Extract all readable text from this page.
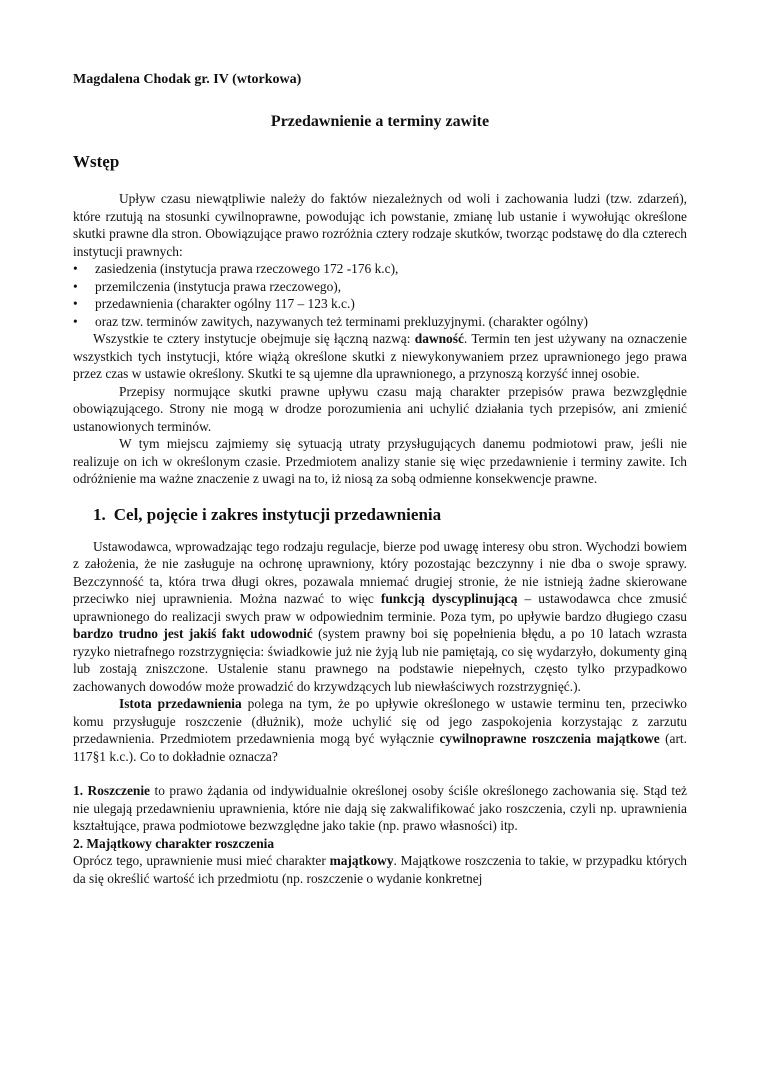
Magdalena Chodak gr. IV (wtorkowa)
Przedawnienie a terminy zawite
Wstęp

Upływ czasu niewątpliwie należy do faktów niezależnych od woli i zachowania ludzi (tzw. zdarzeń), które rzutują na stosunki cywilnoprawne, powodując ich powstanie, zmianę lub ustanie i wywołując określone skutki prawne dla stron. Obowiązujące prawo rozróżnia cztery rodzaje skutków, tworząc podstawę do dla czterech instytucji prawnych:

• zasiedzenia (instytucja prawa rzeczowego 172 -176 k.c),
• przemilczenia (instytucja prawa rzeczowego),
• przedawnienia (charakter ogólny 117 – 123 k.c.)
• oraz tzw. terminów zawitych, nazywanych też terminami prekluzyjnymi. (charakter ogólny)

Wszystkie te cztery instytucje obejmuje się łączną nazwą: dawność. Termin ten jest używany na oznaczenie wszystkich tych instytucji, które wiążą określone skutki z niewykonywaniem przez uprawnionego jego prawa przez czas w ustawie określony. Skutki te są ujemne dla uprawnionego, a przynoszą korzyść innej osobie.

Przepisy normujące skutki prawne upływu czasu mają charakter przepisów prawa bezwzględnie obowiązującego. Strony nie mogą w drodze porozumienia ani uchylić działania tych przepisów, ani zmienić ustanowionych terminów.

W tym miejscu zajmiemy się sytuacją utraty przysługujących danemu podmiotowi praw, jeśli nie realizuje on ich w określonym czasie. Przedmiotem analizy stanie się więc przedawnienie i terminy zawite. Ich odróżnienie ma ważne znaczenie z uwagi na to, iż niosą za sobą odmienne konsekwencje prawne.

1. Cel, pojęcie i zakres instytucji przedawnienia

Ustawodawca, wprowadzając tego rodzaju regulacje, bierze pod uwagę interesy obu stron. Wychodzi bowiem z założenia, że nie zasługuje na ochronę uprawniony, który pozostając bezczynny i nie dba o swoje sprawy. Bezczynność ta, która trwa długi okres, pozawala mniemać drugiej stronie, że nie istnieją żadne skierowane przeciwko niej uprawnienia. Można nazwać to więc funkcją dyscyplinującą – ustawodawca chce zmusić uprawnionego do realizacji swych praw w odpowiednim terminie. Poza tym, po upływie bardzo długiego czasu bardzo trudno jest jakiś fakt udowodnić (system prawny boi się popełnienia błędu, a po 10 latach wzrasta ryzyko nietrafnego rozstrzygnięcia: świadkowie już nie żyją lub nie pamiętają, co się wydarzyło, dokumenty giną lub zostają zniszczone. Ustalenie stanu prawnego na podstawie niepełnych, często tylko przypadkowo zachowanych dowodów może prowadzić do krzywdzących lub niewłaściwych rozstrzygnięć.).

Istota przedawnienia polega na tym, że po upływie określonego w ustawie terminu ten, przeciwko komu przysługuje roszczenie (dłużnik), może uchylić się od jego zaspokojenia korzystając z zarzutu przedawnienia. Przedmiotem przedawnienia mogą być wyłącznie cywilnoprawne roszczenia majątkowe (art. 117§1 k.c.). Co to dokładnie oznacza?

1. Roszczenie to prawo żądania od indywidualnie określonej osoby ściśle określonego zachowania się. Stąd też nie ulegają przedawnieniu uprawnienia, które nie dają się zakwalifikować jako roszczenia, czyli np. uprawnienia kształtujące, prawa podmiotowe bezwzględne jako takie (np. prawo własności) itp.

2. Majątkowy charakter roszczenia

Oprócz tego, uprawnienie musi mieć charakter majątkowy. Majątkowe roszczenia to takie, w przypadku których da się określić wartość ich przedmiotu (np. roszczenie o wydanie konkretnej
